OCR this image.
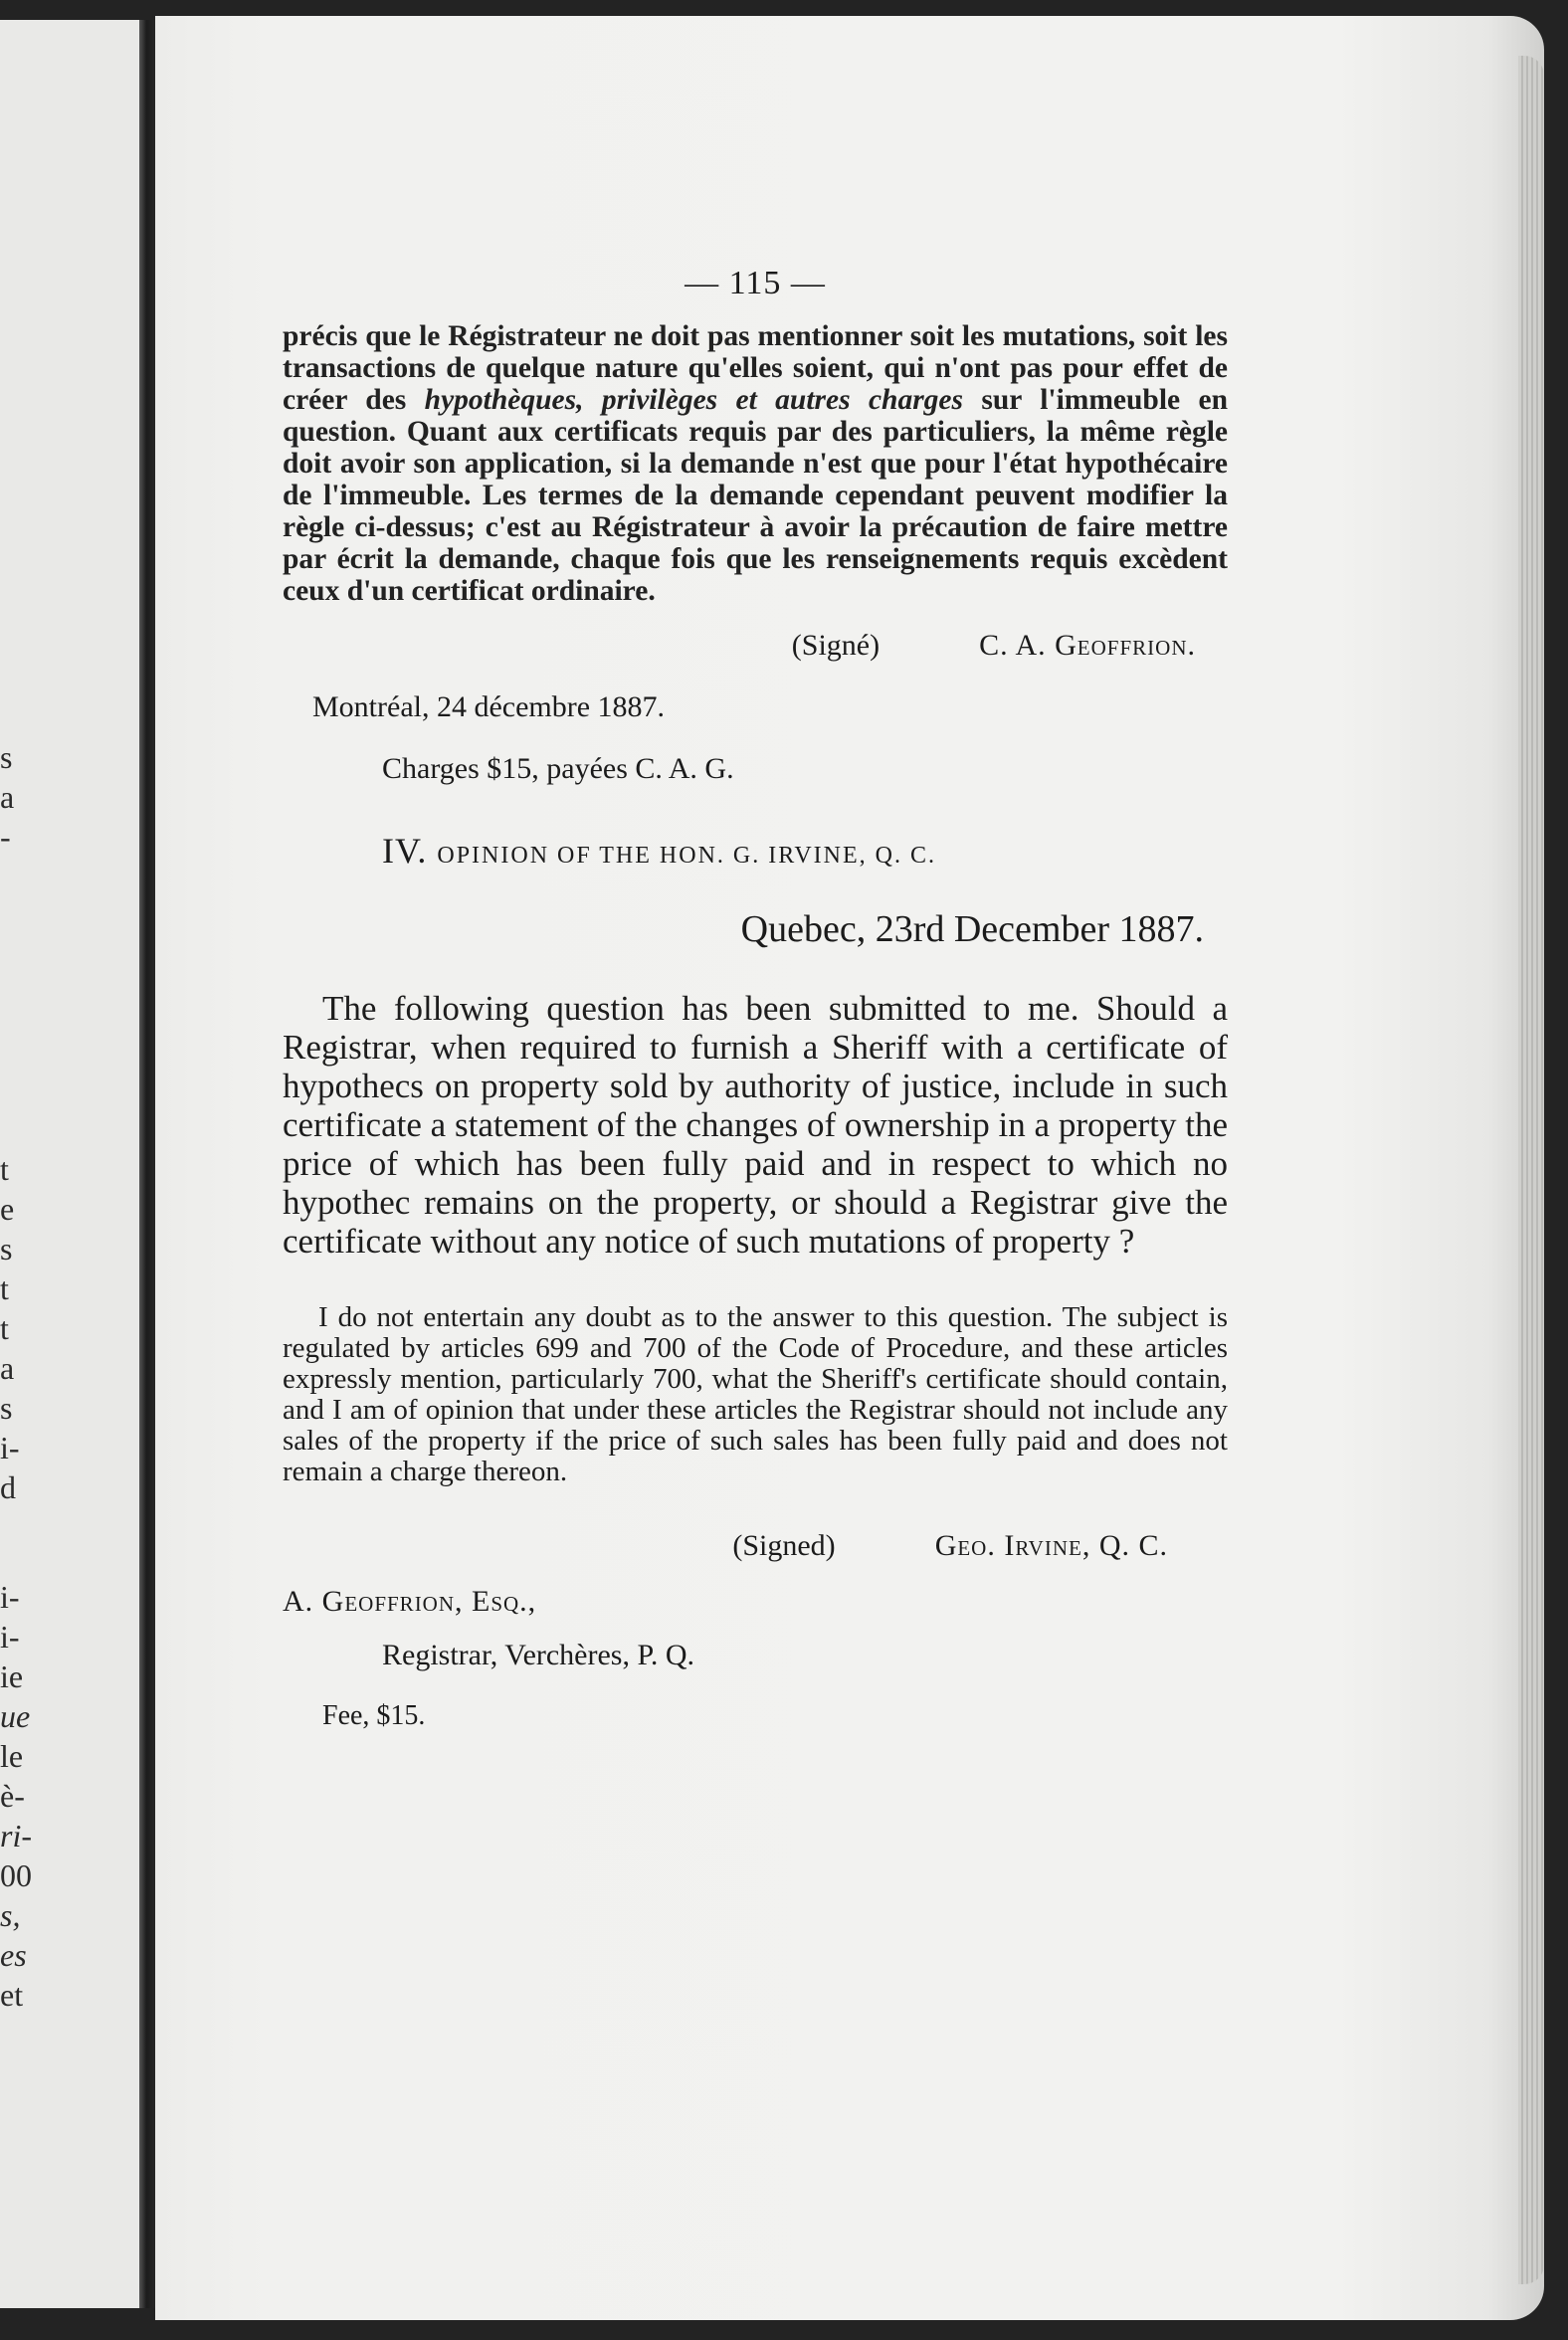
s
a
-
t
e
s
t
t
a
s
i-
d
i-
i-
ie
ue
le
è-
ri-
00
s,
es
et
— 115 —

précis que le Régistrateur ne doit pas mentionner soit les mutations, soit les transactions de quelque nature qu'elles soient, qui n'ont pas pour effet de créer des hypothèques, privilèges et autres charges sur l'immeuble en question. Quant aux certificats requis par des particuliers, la même règle doit avoir son application, si la demande n'est que pour l'état hypothécaire de l'immeuble. Les termes de la demande cependant peuvent modifier la règle ci-dessus; c'est au Régistrateur à avoir la précaution de faire mettre par écrit la demande, chaque fois que les renseignements requis excèdent ceux d'un certificat ordinaire.

(Signé)	C. A. Geoffrion.
Montréal, 24 décembre 1887.
Charges $15, payées C. A. G.
IV. OPINION OF THE HON. G. IRVINE, Q. C.
Quebec, 23rd December 1887.

The following question has been submitted to me. Should a Registrar, when required to furnish a Sheriff with a certificate of hypothecs on property sold by authority of justice, include in such certificate a statement of the changes of ownership in a property the price of which has been fully paid and in respect to which no hypothec remains on the property, or should a Registrar give the certificate without any notice of such mutations of property ?

I do not entertain any doubt as to the answer to this question. The subject is regulated by articles 699 and 700 of the Code of Procedure, and these articles expressly mention, particularly 700, what the Sheriff's certificate should contain, and I am of opinion that under these articles the Registrar should not include any sales of the property if the price of such sales has been fully paid and does not remain a charge thereon.

(Signed)	Geo. Irvine, Q. C.
A. Geoffrion, Esq.,
Registrar, Verchères, P. Q.
Fee, $15.
